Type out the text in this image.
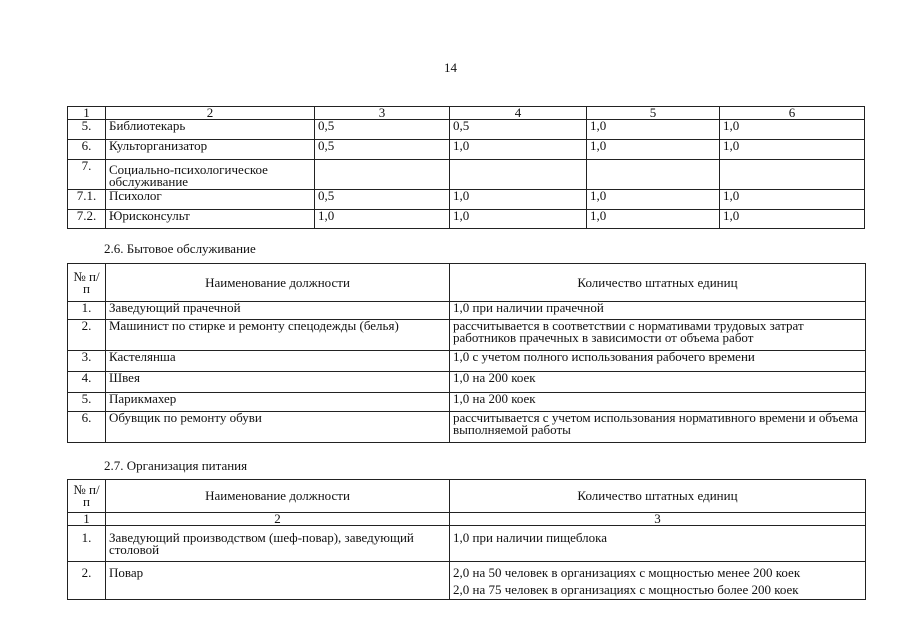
14
1	2	3	4	5	6
5.	Библиотекарь	0,5	0,5	1,0	1,0
6.	Культорганизатор	0,5	1,0	1,0	1,0
7.	Социально-психологическое обслуживание				
7.1.	Психолог	0,5	1,0	1,0	1,0
7.2.	Юрисконсульт	1,0	1,0	1,0	1,0
2.6. Бытовое обслуживание
№ п/п	Наименование должности	Количество штатных единиц
1.	Заведующий прачечной	1,0 при наличии прачечной
2.	Машинист по стирке и ремонту спецодежды (белья)	рассчитывается в соответствии с нормативами трудовых затрат работников прачечных в зависимости от объема работ
3.	Кастелянша	1,0 с учетом полного использования рабочего времени
4.	Швея	1,0 на 200 коек
5.	Парикмахер	1,0 на 200 коек
6.	Обувщик по ремонту обуви	рассчитывается с учетом использования нормативного времени и объема выполняемой работы
2.7. Организация питания
№ п/п	Наименование должности	Количество штатных единиц
1	2	3
1.	Заведующий производством (шеф-повар), заведующий столовой	1,0 при наличии пищеблока
2.	Повар	2,0 на 50 человек в организациях с мощностью менее 200 коек
2,0 на 75 человек в организациях с мощностью более 200 коек
